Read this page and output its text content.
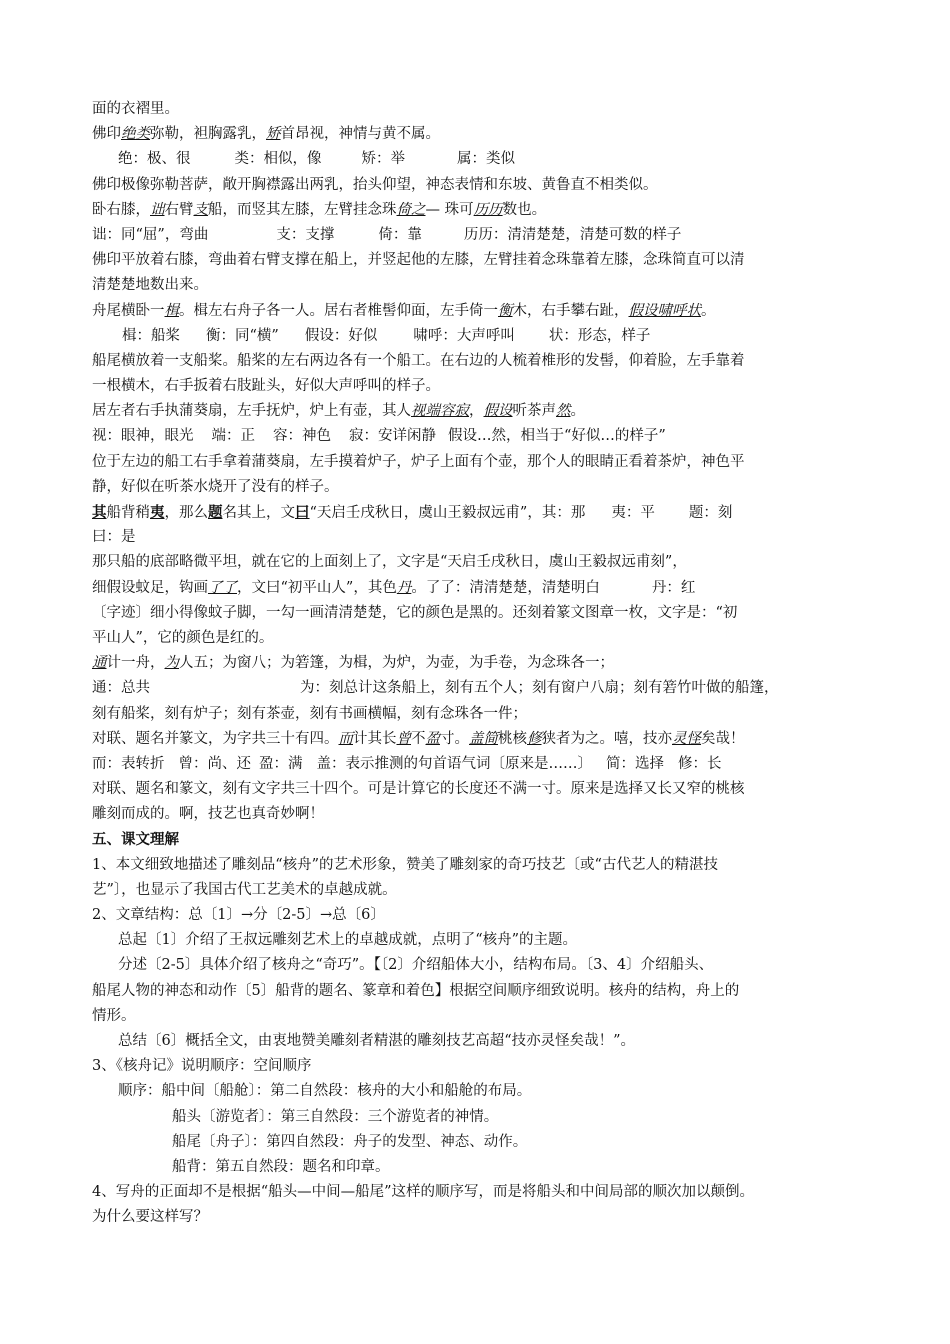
面的衣褶里。
佛印绝类弥勒，袒胸露乳，矫首昂视，神情与黄不属。
绝：极、很	类：相似，像	矫：举	属：类似
佛印极像弥勒菩萨，敞开胸襟露出两乳，抬头仰望，神态表情和东坡、黄鲁直不相类似。
卧右膝，诎右臂支船，而竖其左膝，左臂挂念珠倚之— 珠可历历数也。
诎：同“屈”，弯曲	支：支撑	倚：靠	历历：清清楚楚，清楚可数的样子
佛印平放着右膝，弯曲着右臂支撑在船上，并竖起他的左膝，左臂挂着念珠靠着左膝，念珠简直可以清
清楚楚地数出来。
舟尾横卧一楫。楫左右舟子各一人。居右者椎髻仰面，左手倚一衡木，右手攀右趾，假设啸呼状。
楫：船桨 衡：同“横” 假设：好似 啸呼：大声呼叫 状：形态，样子
船尾横放着一支船桨。船桨的左右两边各有一个船工。在右边的人梳着椎形的发髻，仰着脸，左手靠着
一根横木，右手扳着右肢趾头，好似大声呼叫的样子。
居左者右手执蒲葵扇，左手抚炉，炉上有壶，其人视端容寂，假设听茶声然。
视：眼神，眼光 端：正 容：神色 寂：安详闲静 假设…然，相当于“好似…的样子”
位于左边的船工右手拿着蒲葵扇，左手摸着炉子，炉子上面有个壶，那个人的眼睛正看着茶炉，神色平
静，好似在听茶水烧开了没有的样子。
其船背稍夷，那么题名其上，文曰“天启壬戌秋日，虞山王毅叔远甫”，其：那 夷：平 题：刻
曰：是
那只船的底部略微平坦，就在它的上面刻上了，文字是“天启壬戌秋日，虞山王毅叔远甫刻”，
细假设蚊足，钩画了了，文曰“初平山人”，其色丹。了了：清清楚楚，清楚明白	丹：红
〔字迹〕细小得像蚊子脚，一勾一画清清楚楚，它的颜色是黑的。还刻着篆文图章一枚，文字是：“初
平山人”，它的颜色是红的。
通计一舟，为人五；为窗八；为箬篷，为楫，为炉，为壶，为手卷，为念珠各一；
通：总共	为：刻总计这条船上，刻有五个人；刻有窗户八扇；刻有箬竹叶做的船篷，
刻有船桨，刻有炉子；刻有茶壶，刻有书画横幅，刻有念珠各一件；
对联、题名并篆文，为字共三十有四。而计其长曾不盈寸。盖简桃核修狭者为之。嘻，技亦灵怪矣哉！
而：表转折 曾：尚、还 盈：满 盖：表示推测的句首语气词〔原来是……〕 简：选择 修：长
对联、题名和篆文，刻有文字共三十四个。可是计算它的长度还不满一寸。原来是选择又长又窄的桃核
雕刻而成的。啊，技艺也真奇妙啊！
五、课文理解
1、本文细致地描述了雕刻品“核舟”的艺术形象，赞美了雕刻家的奇巧技艺〔或“古代艺人的精湛技
艺”〕，也显示了我国古代工艺美术的卓越成就。
2、文章结构：总〔1〕→分〔2-5〕→总〔6〕
总起〔1〕介绍了王叔远雕刻艺术上的卓越成就，点明了“核舟”的主题。
分述〔2-5〕具体介绍了核舟之“奇巧”。【〔2〕介绍船体大小，结构布局。〔3、4〕介绍船头、
船尾人物的神态和动作〔5〕船背的题名、篆章和着色】根据空间顺序细致说明。核舟的结构，舟上的
情形。
总结〔6〕概括全文，由衷地赞美雕刻者精湛的雕刻技艺高超“技亦灵怪矣哉！”。
3、《核舟记》说明顺序：空间顺序
顺序：船中间〔船舱〕：第二自然段：核舟的大小和船舱的布局。
船头〔游览者〕：第三自然段：三个游览者的神情。
船尾〔舟子〕：第四自然段：舟子的发型、神态、动作。
船背：第五自然段：题名和印章。
4、写舟的正面却不是根据“船头—中间—船尾”这样的顺序写，而是将船头和中间局部的顺次加以颠倒。
为什么要这样写？
